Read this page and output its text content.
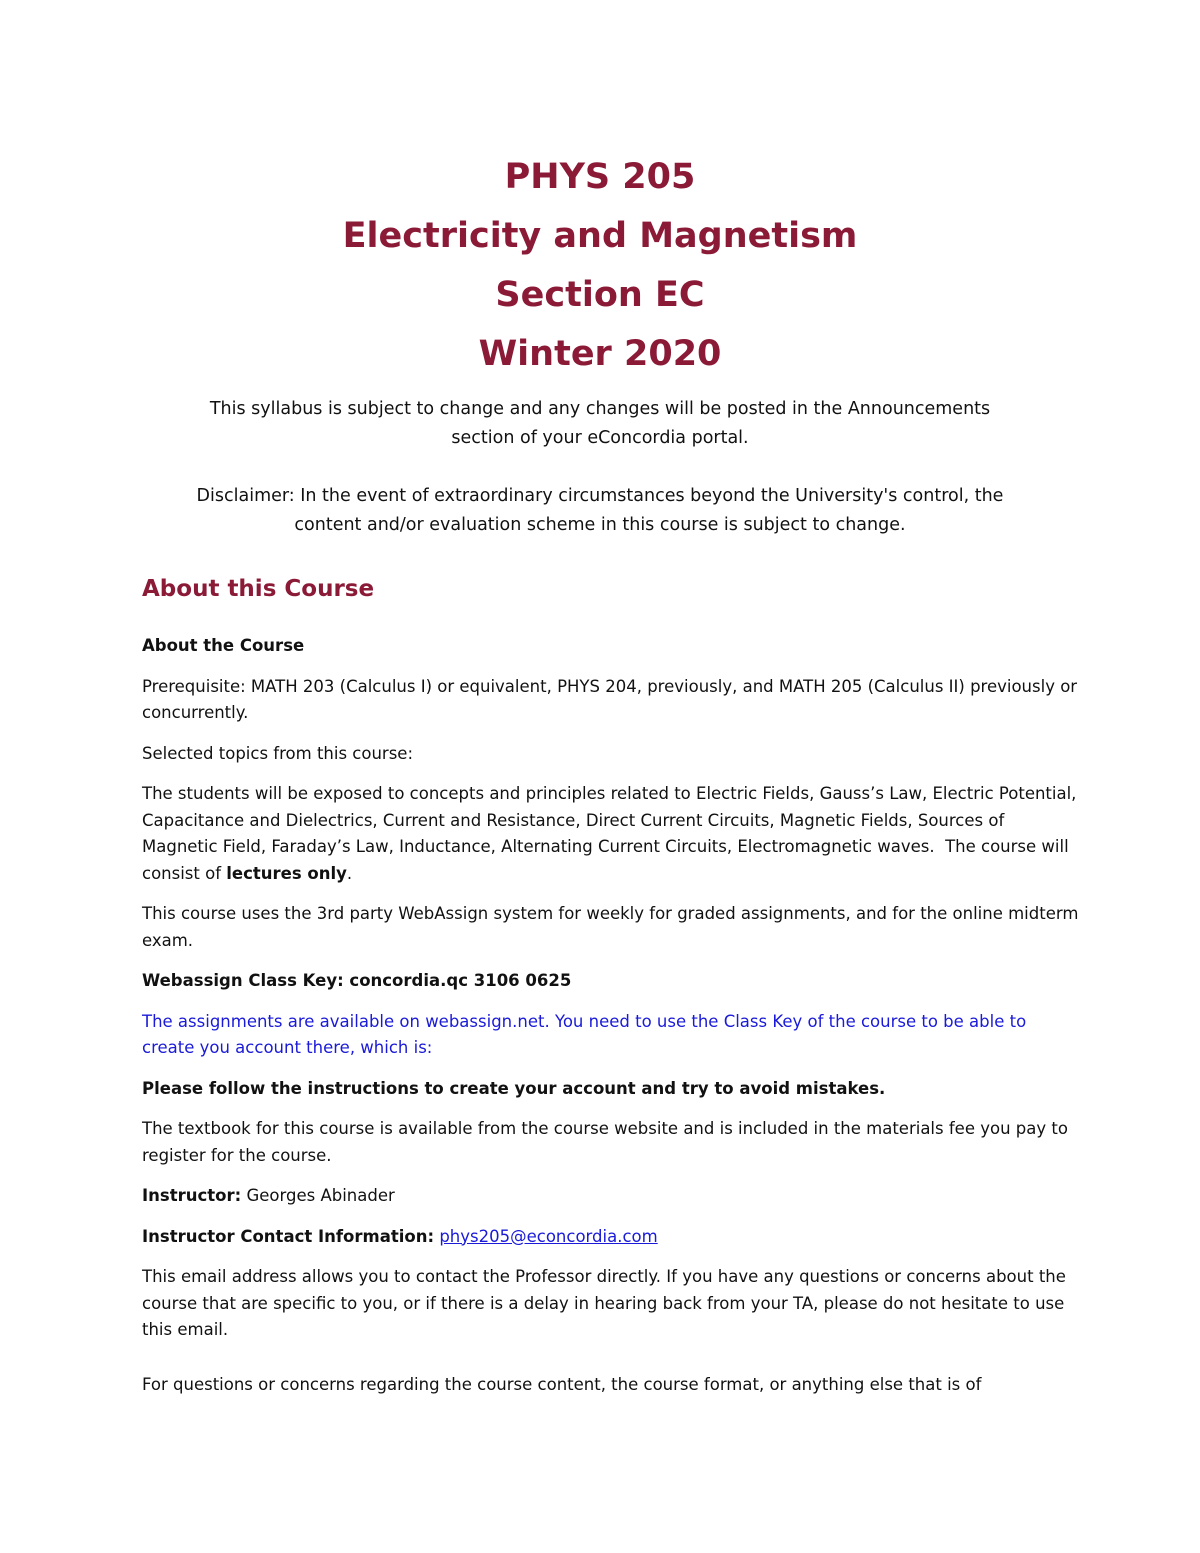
PHYS 205
Electricity and Magnetism
Section EC
Winter 2020
This syllabus is subject to change and any changes will be posted in the Announcements
section of your eConcordia portal.
Disclaimer: In the event of extraordinary circumstances beyond the University's control, the
content and/or evaluation scheme in this course is subject to change.
About this Course

About the Course

Prerequisite: MATH 203 (Calculus I) or equivalent, PHYS 204, previously, and MATH 205 (Calculus II) previously or concurrently.

Selected topics from this course:

The students will be exposed to concepts and principles related to Electric Fields, Gauss’s Law, Electric Potential, Capacitance and Dielectrics, Current and Resistance, Direct Current Circuits, Magnetic Fields, Sources of Magnetic Field, Faraday’s Law, Inductance, Alternating Current Circuits, Electromagnetic waves. The course will consist of lectures only.

This course uses the 3rd party WebAssign system for weekly for graded assignments, and for the online midterm exam.

Webassign Class Key: concordia.qc 3106 0625

The assignments are available on webassign.net. You need to use the Class Key of the course to be able to create you account there, which is:

Please follow the instructions to create your account and try to avoid mistakes.

The textbook for this course is available from the course website and is included in the materials fee you pay to register for the course.

Instructor: Georges Abinader

Instructor Contact Information: phys205@econcordia.com

This email address allows you to contact the Professor directly. If you have any questions or concerns about the course that are specific to you, or if there is a delay in hearing back from your TA, please do not hesitate to use this email.

For questions or concerns regarding the course content, the course format, or anything else that is of
